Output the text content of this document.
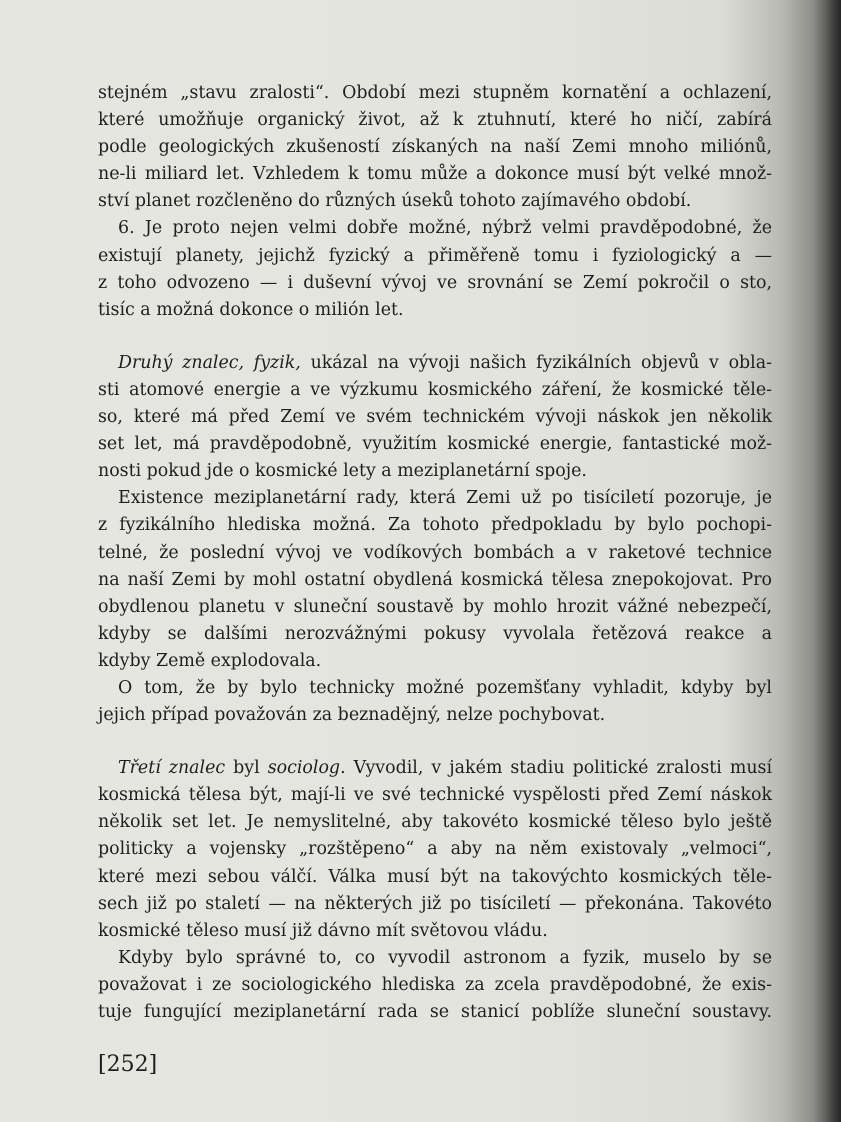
stejném „stavu zralosti“. Období mezi stupněm kornatění a ochlazení,
které umožňuje organický život, až k ztuhnutí, které ho ničí, zabírá
podle geologických zkušeností získaných na naší Zemi mnoho miliónů,
ne-li miliard let. Vzhledem k tomu může a dokonce musí být velké množ-
ství planet rozčleněno do různých úseků tohoto zajímavého období.
6. Je proto nejen velmi dobře možné, nýbrž velmi pravděpodobné, že
existují planety, jejichž fyzický a přiměřeně tomu i fyziologický a —
z toho odvozeno — i duševní vývoj ve srovnání se Zemí pokročil o sto,
tisíc a možná dokonce o milión let.
Druhý znalec, fyzik, ukázal na vývoji našich fyzikálních objevů v obla-
sti atomové energie a ve výzkumu kosmického záření, že kosmické těle-
so, které má před Zemí ve svém technickém vývoji náskok jen několik
set let, má pravděpodobně, využitím kosmické energie, fantastické mož-
nosti pokud jde o kosmické lety a meziplanetární spoje.
Existence meziplanetární rady, která Zemi už po tisíciletí pozoruje, je
z fyzikálního hlediska možná. Za tohoto předpokladu by bylo pochopi-
telné, že poslední vývoj ve vodíkových bombách a v raketové technice
na naší Zemi by mohl ostatní obydlená kosmická tělesa znepokojovat. Pro
obydlenou planetu v sluneční soustavě by mohlo hrozit vážné nebezpečí,
kdyby se dalšími nerozvážnými pokusy vyvolala řetězová reakce a
kdyby Země explodovala.
O tom, že by bylo technicky možné pozemšťany vyhladit, kdyby byl
jejich případ považován za beznadějný, nelze pochybovat.
Třetí znalec byl sociolog. Vyvodil, v jakém stadiu politické zralosti musí
kosmická tělesa být, mají-li ve své technické vyspělosti před Zemí náskok
několik set let. Je nemyslitelné, aby takovéto kosmické těleso bylo ještě
politicky a vojensky „rozštěpeno“ a aby na něm existovaly „velmoci“,
které mezi sebou válčí. Válka musí být na takovýchto kosmických těle-
sech již po staletí — na některých již po tisíciletí — překonána. Takovéto
kosmické těleso musí již dávno mít světovou vládu.
Kdyby bylo správné to, co vyvodil astronom a fyzik, muselo by se
považovat i ze sociologického hlediska za zcela pravděpodobné, že exis-
tuje fungující meziplanetární rada se stanicí poblíže sluneční soustavy.
[252]
